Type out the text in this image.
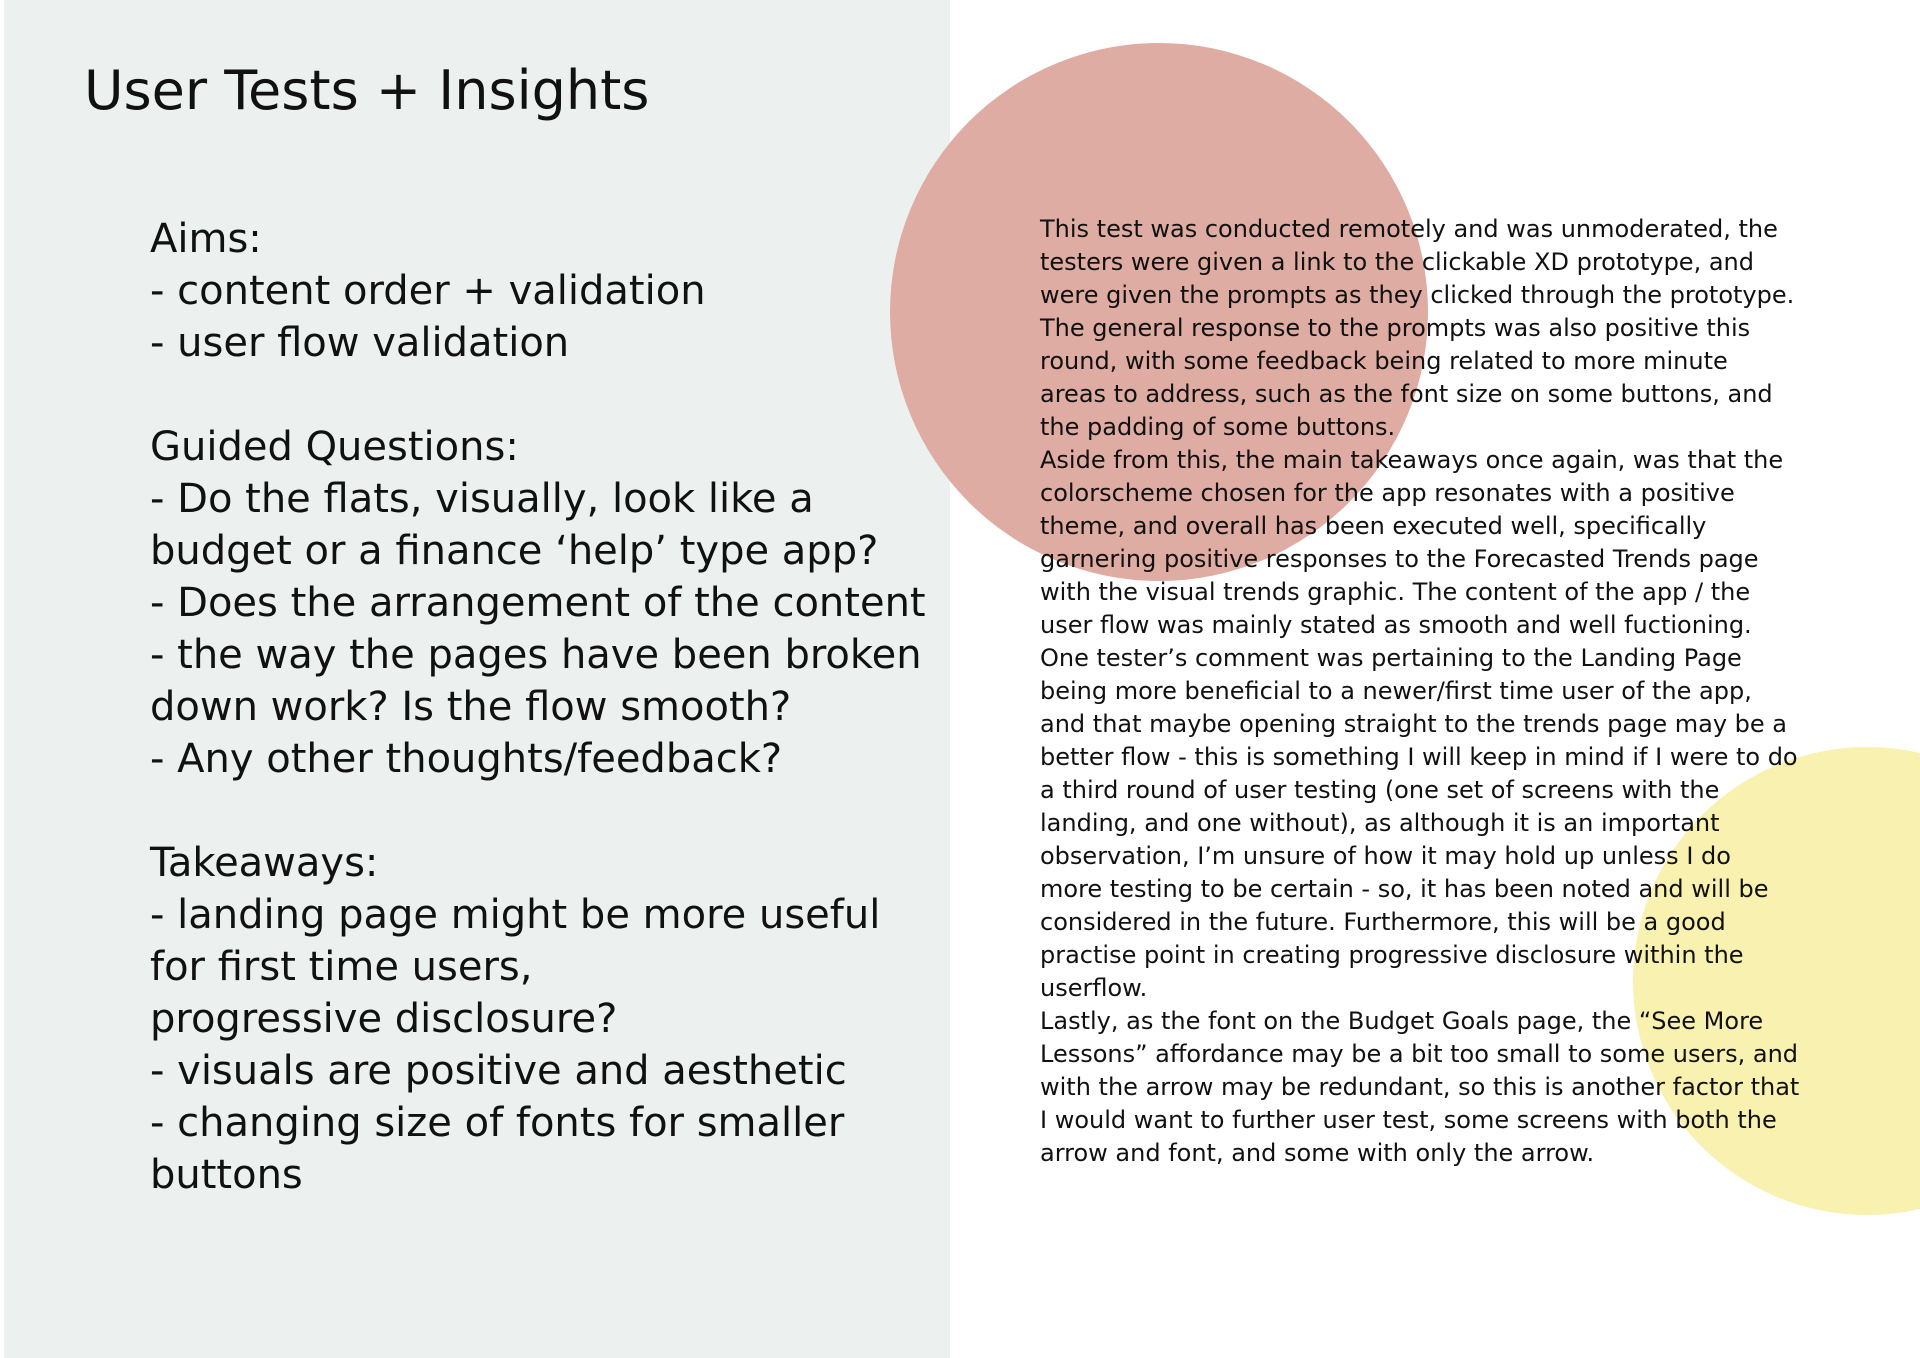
User Tests + Insights
Aims:
- content order + validation
- user flow validation
Guided Questions:
- Do the flats, visually, look like a
budget or a finance ‘help’ type app?
- Does the arrangement of the content
- the way the pages have been broken
down work? Is the flow smooth?
- Any other thoughts/feedback?
Takeaways:
- landing page might be more useful
for first time users,
progressive disclosure?
- visuals are positive and aesthetic
- changing size of fonts for smaller
buttons

This test was conducted remotely and was unmoderated, the testers were given a link to the clickable XD prototype, and were given the prompts as they clicked through the prototype. The general response to the prompts was also positive this round, with some feedback being related to more minute areas to address, such as the font size on some buttons, and the padding of some buttons.

Aside from this, the main takeaways once again, was that the colorscheme chosen for the app resonates with a positive theme, and overall has been executed well, specifically garnering positive responses to the Forecasted Trends page with the visual trends graphic. The content of the app / the user flow was mainly stated as smooth and well fuctioning. One tester’s comment was pertaining to the Landing Page being more beneficial to a newer/first time user of the app, and that maybe opening straight to the trends page may be a better flow - this is something I will keep in mind if I were to do a third round of user testing (one set of screens with the landing, and one without), as although it is an important observation, I’m unsure of how it may hold up unless I do more testing to be certain - so, it has been noted and will be considered in the future. Furthermore, this will be a good practise point in creating progressive disclosure within the userflow.

Lastly, as the font on the Budget Goals page, the “See More Lessons” affordance may be a bit too small to some users, and with the arrow may be redundant, so this is another factor that I would want to further user test, some screens with both the arrow and font, and some with only the arrow.
